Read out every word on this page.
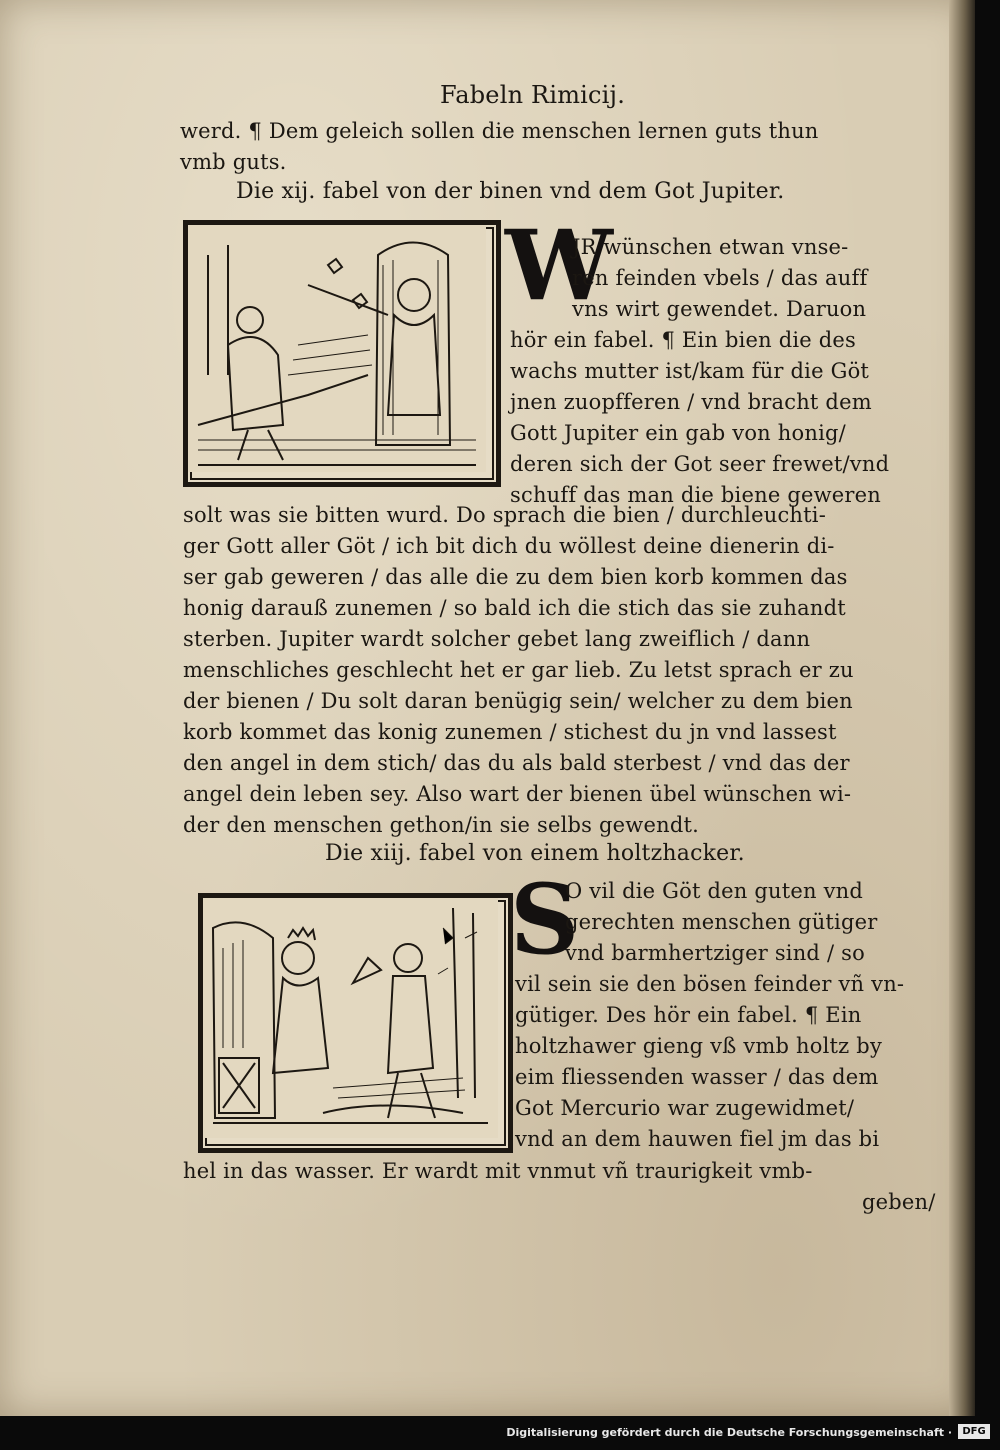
Fabeln Rimicij.
werd. ¶ Dem geleich sollen die menschen lernen guts thun
vmb guts.
Die xij. fabel von der binen vnd dem Got Jupiter.
W
JR wünschen etwan vnse-
ren feinden vbels / das auff
vns wirt gewendet. Daruon
hör ein fabel. ¶ Ein bien die des
wachs mutter ist/kam für die Göt
jnen zuopfferen / vnd bracht dem
Gott Jupiter ein gab von honig/
deren sich der Got seer frewet/vnd
schuff das man die biene geweren
solt was sie bitten wurd. Do sprach die bien / durchleuchti-
ger Gott aller Göt / ich bit dich du wöllest deine dienerin di-
ser gab geweren / das alle die zu dem bien korb kommen das
honig darauß zunemen / so bald ich die stich das sie zuhandt
sterben. Jupiter wardt solcher gebet lang zweiflich / dann
menschliches geschlecht het er gar lieb. Zu letst sprach er zu
der bienen / Du solt daran benügig sein/ welcher zu dem bien
korb kommet das konig zunemen / stichest du jn vnd lassest
den angel in dem stich/ das du als bald sterbest / vnd das der
angel dein leben sey. Also wart der bienen übel wünschen wi-
der den menschen gethon/in sie selbs gewendt.
Die xiij. fabel von einem holtzhacker.
S
O vil die Göt den guten vnd
gerechten menschen gütiger
vnd barmhertziger sind / so
vil sein sie den bösen feinder vñ vn-
gütiger. Des hör ein fabel. ¶ Ein
holtzhawer gieng vß vmb holtz by
eim fliessenden wasser / das dem
Got Mercurio war zugewidmet/
vnd an dem hauwen fiel jm das bi
hel in das wasser. Er wardt mit vnmut vñ traurigkeit vmb-
geben/
Digitalisierung gefördert durch die Deutsche Forschungsgemeinschaft ·	DFG
